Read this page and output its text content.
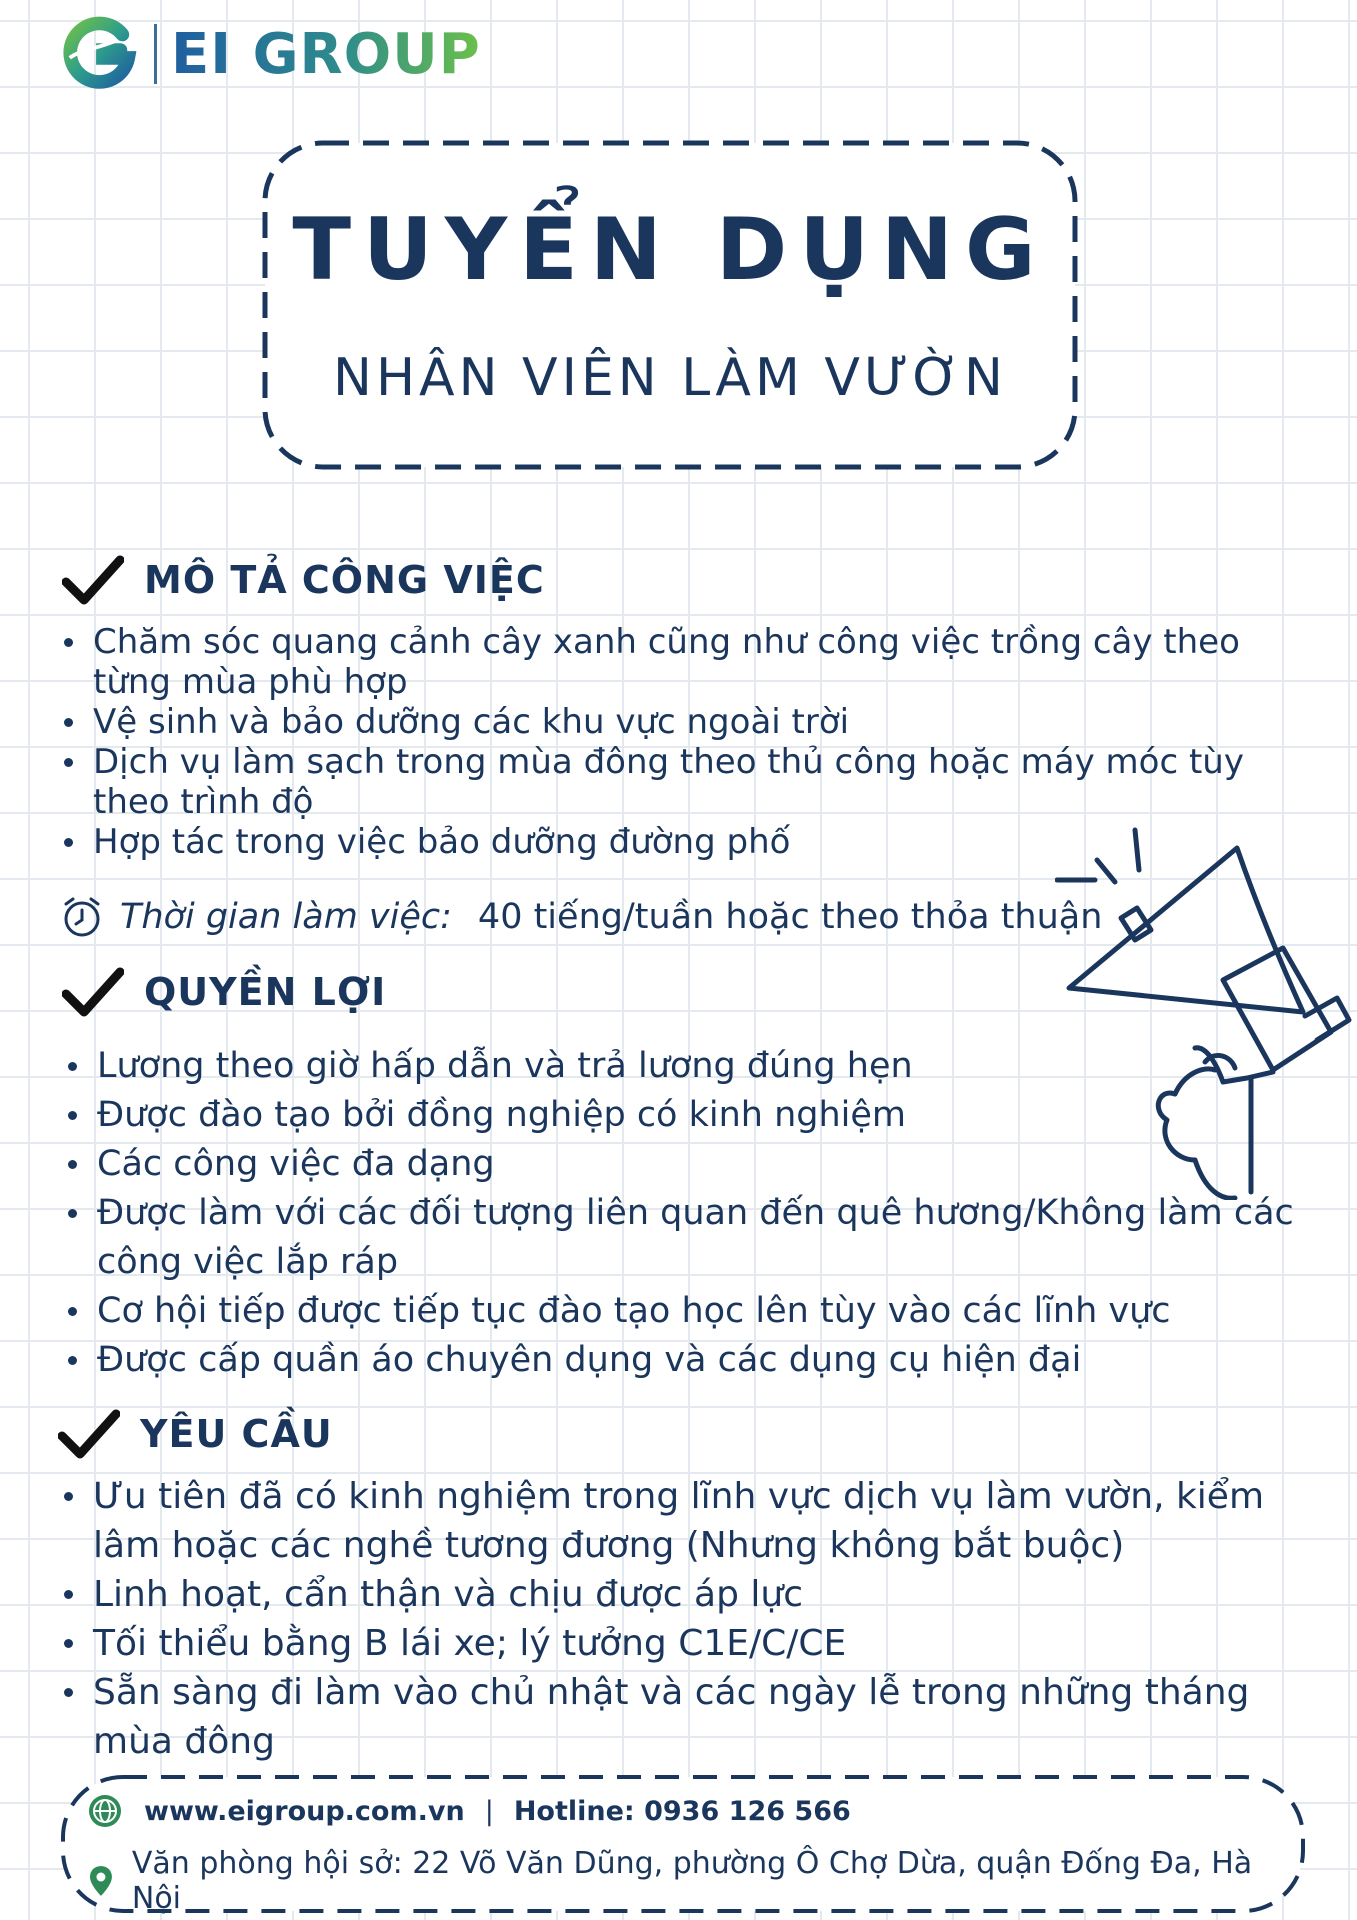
EI GROUP
TUYỂN DỤNG
NHÂN VIÊN LÀM VƯỜN
MÔ TẢ CÔNG VIỆC
Chăm sóc quang cảnh cây xanh cũng như công việc trồng cây theo từng mùa phù hợp
Vệ sinh và bảo dưỡng các khu vực ngoài trời
Dịch vụ làm sạch trong mùa đông theo thủ công hoặc máy móc tùy theo trình độ
Hợp tác trong việc bảo dưỡng đường phố
Thời gian làm việc: 40 tiếng/tuần hoặc theo thỏa thuận
QUYỀN LỢI
Lương theo giờ hấp dẫn và trả lương đúng hẹn
Được đào tạo bởi đồng nghiệp có kinh nghiệm
Các công việc đa dạng
Được làm với các đối tượng liên quan đến quê hương/Không làm các công việc lắp ráp
Cơ hội tiếp được tiếp tục đào tạo học lên tùy vào các lĩnh vực
Được cấp quần áo chuyên dụng và các dụng cụ hiện đại
YÊU CẦU
Ưu tiên đã có kinh nghiệm trong lĩnh vực dịch vụ làm vườn, kiểm lâm hoặc các nghề tương đương (Nhưng không bắt buộc)
Linh hoạt, cẩn thận và chịu được áp lực
Tối thiểu bằng B lái xe; lý tưởng C1E/C/CE
Sẵn sàng đi làm vào chủ nhật và các ngày lễ trong những tháng mùa đông
www.eigroup.com.vn | Hotline: 0936 126 566
Văn phòng hội sở: 22 Võ Văn Dũng, phường Ô Chợ Dừa, quận Đống Đa, Hà Nội
